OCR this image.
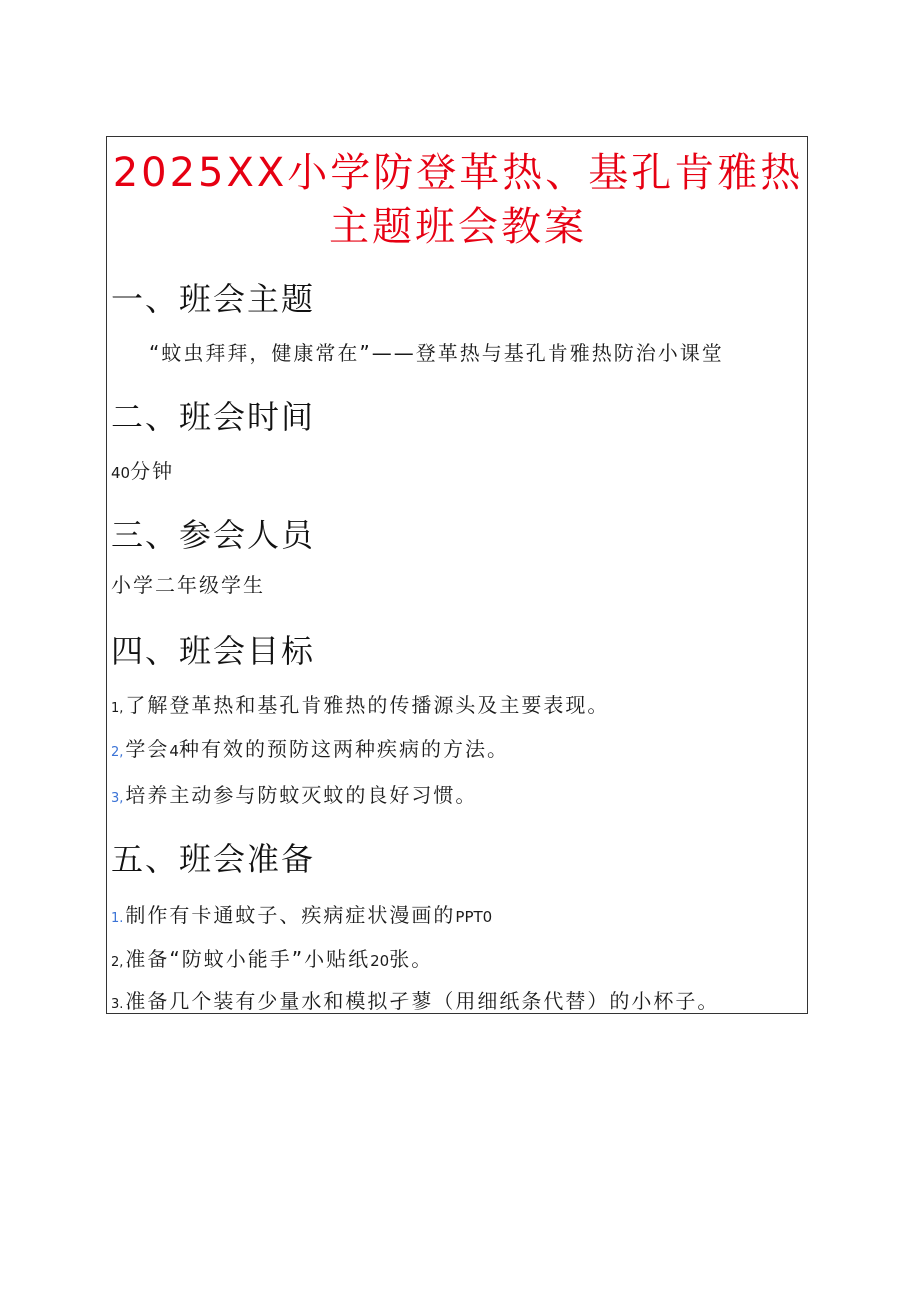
2025XX小学防登革热、基孔肯雅热
主题班会教案
一、班会主题
“蚊虫拜拜，健康常在”——登革热与基孔肯雅热防治小课堂
二、班会时间
40分钟
三、参会人员
小学二年级学生
四、班会目标
1, 了解登革热和基孔肯雅热的传播源头及主要表现。
2, 学会4种有效的预防这两种疾病的方法。
3, 培养主动参与防蚊灭蚊的良好习惯。
五、班会准备
1. 制作有卡通蚊子、疾病症状漫画的PPT0
2, 准备“防蚊小能手”小贴纸20张。
3. 准备几个装有少量水和模拟孑蓼（用细纸条代替）的小杯子。
